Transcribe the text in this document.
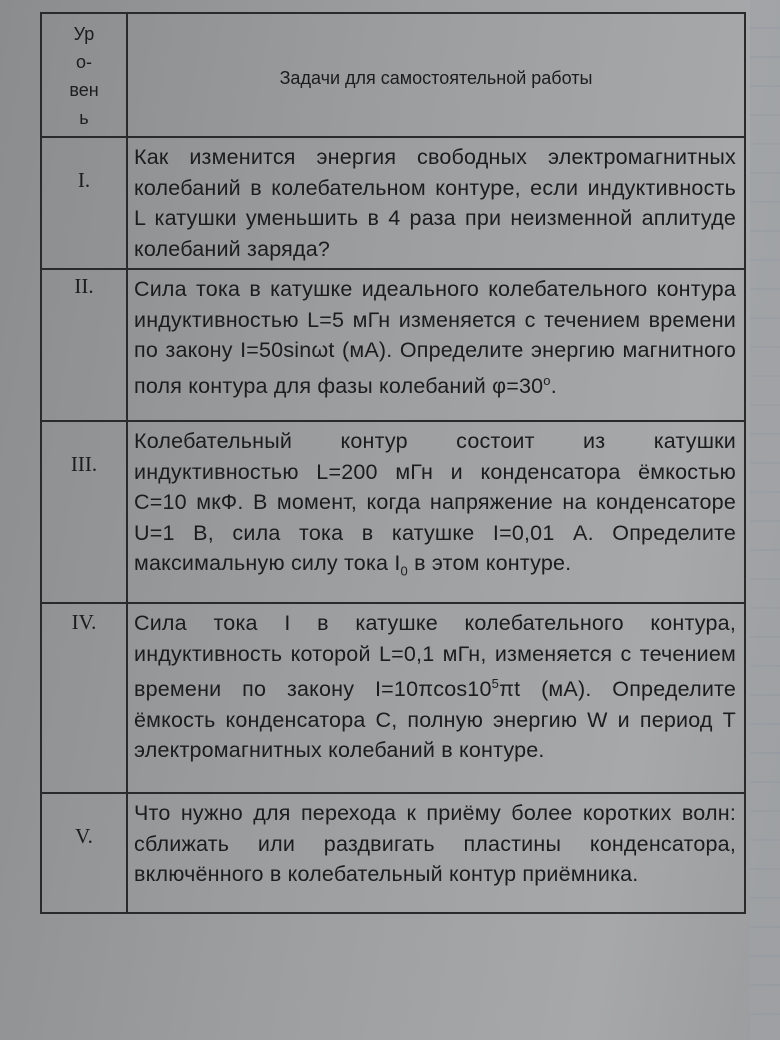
Ур
о-
вен
ь	Задачи для самостоятельной работы
I.	Как изменится энергия свободных электромагнитных колебаний в колебательном контуре, если индуктивность L катушки уменьшить в 4 раза при неизменной аплитуде колебаний заряда?
II.	Сила тока в катушке идеального колебательного контура индуктивностью L=5 мГн изменяется с течением времени по закону I=50sinωt (мА). Определите энергию магнитного поля контура для фазы колебаний $\varphi=30^o$.
III.	Колебательный контур состоит из катушки индуктивностью L=200 мГн и конденсатора ёмкостью C=10 мкФ. В момент, когда напряжение на конденсаторе U=1 В, сила тока в катушке I=0,01 А. Определите максимальную силу тока $I_0$ в этом контуре.
IV.	Сила тока I в катушке колебательного контура, индуктивность которой L=0,1 мГн, изменяется с течением времени по закону $I=10\pi\cos 10^5\pi t$ (мА). Определите ёмкость конденсатора C, полную энергию W и период T электромагнитных колебаний в контуре.
V.	Что нужно для перехода к приёму более коротких волн: сближать или раздвигать пластины конденсатора, включённого в колебательный контур приёмника.
